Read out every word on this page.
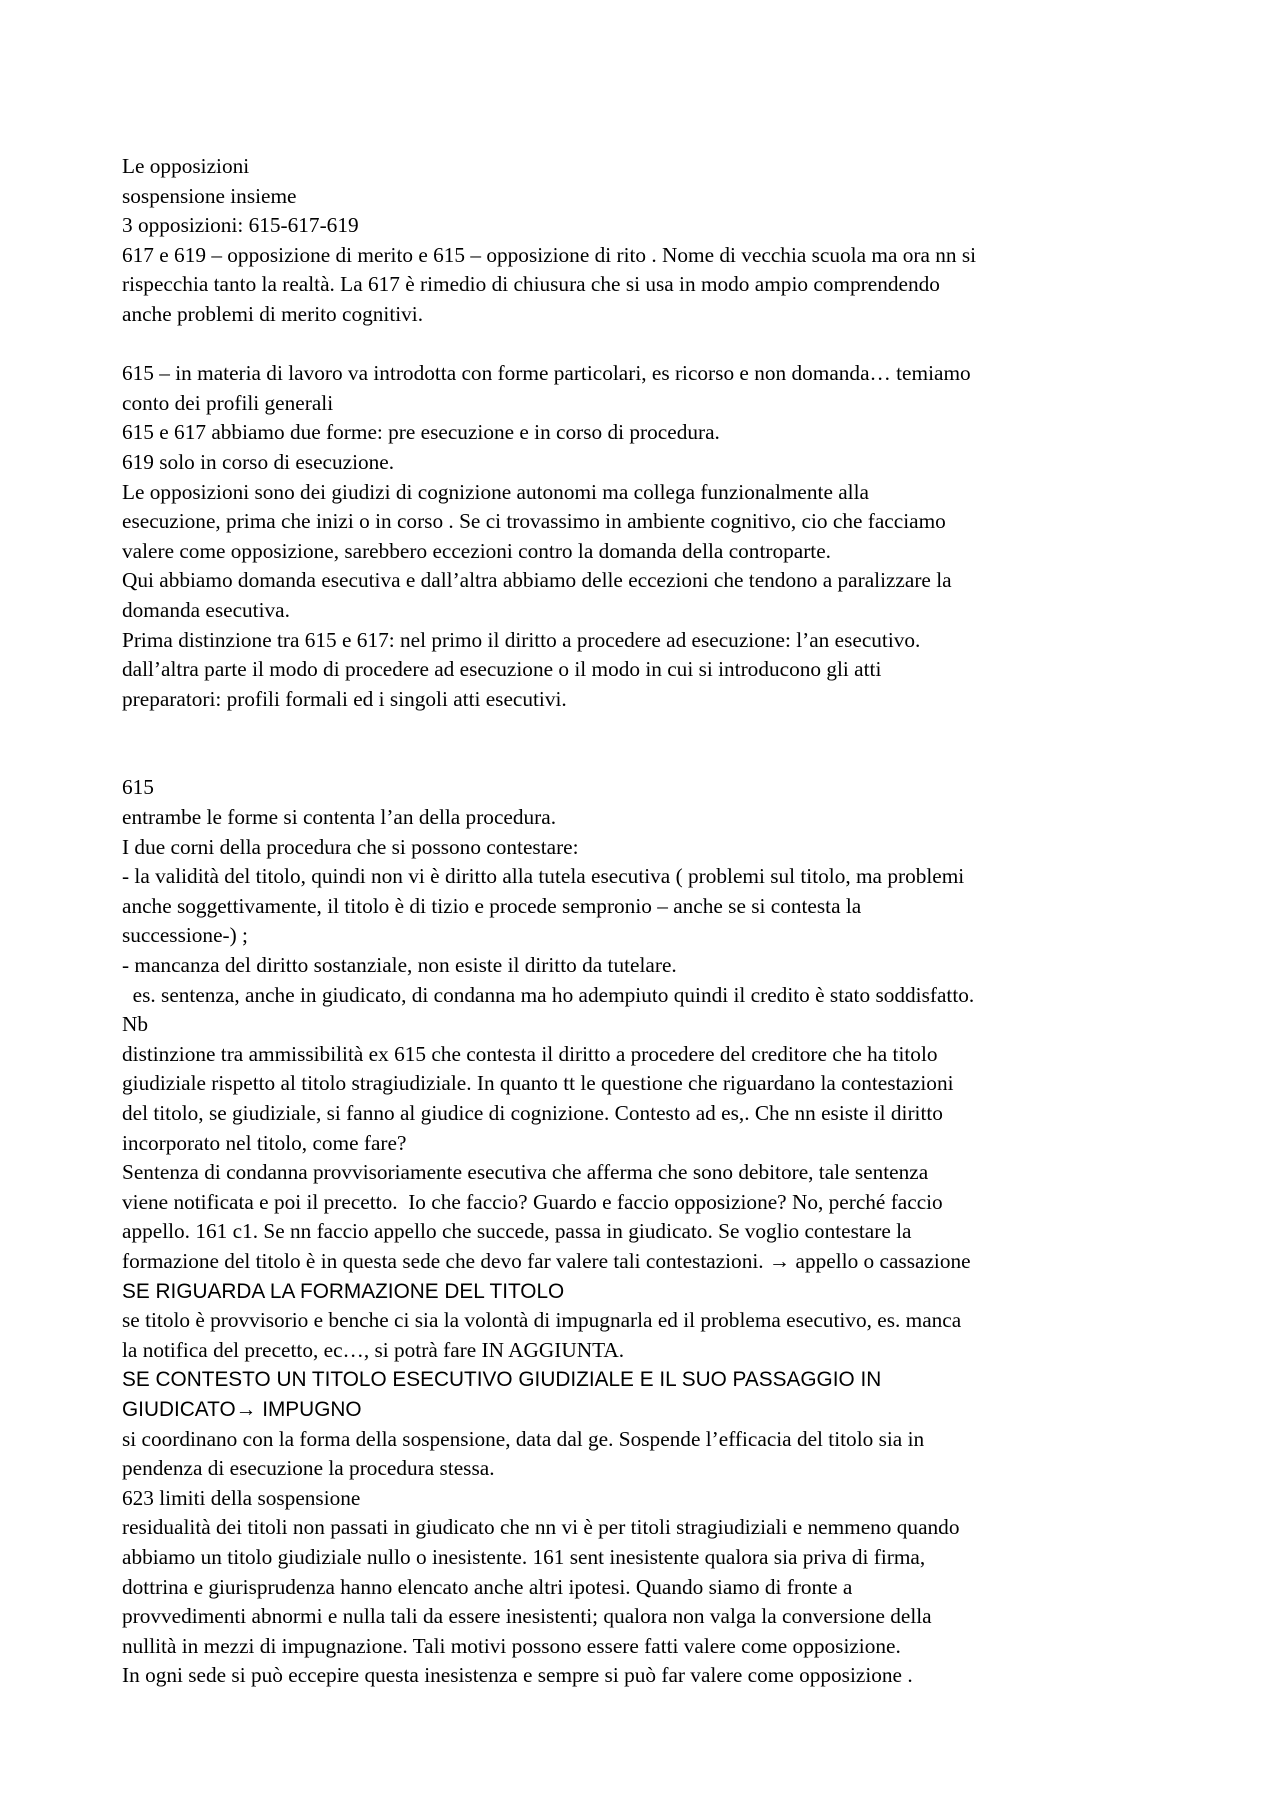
Le opposizioni
sospensione insieme
3 opposizioni: 615-617-619
617 e 619 – opposizione di merito e 615 – opposizione di rito . Nome di vecchia scuola ma ora nn si
rispecchia tanto la realtà. La 617 è rimedio di chiusura che si usa in modo ampio comprendendo
anche problemi di merito cognitivi.
615 – in materia di lavoro va introdotta con forme particolari, es ricorso e non domanda… temiamo
conto dei profili generali
615 e 617 abbiamo due forme: pre esecuzione e in corso di procedura.
619 solo in corso di esecuzione.
Le opposizioni sono dei giudizi di cognizione autonomi ma collega funzionalmente alla
esecuzione, prima che inizi o in corso . Se ci trovassimo in ambiente cognitivo, cio che facciamo
valere come opposizione, sarebbero eccezioni contro la domanda della controparte.
Qui abbiamo domanda esecutiva e dall’altra abbiamo delle eccezioni che tendono a paralizzare la
domanda esecutiva.
Prima distinzione tra 615 e 617: nel primo il diritto a procedere ad esecuzione: l’an esecutivo.
dall’altra parte il modo di procedere ad esecuzione o il modo in cui si introducono gli atti
preparatori: profili formali ed i singoli atti esecutivi.
615
entrambe le forme si contenta l’an della procedura.
I due corni della procedura che si possono contestare:
- la validità del titolo, quindi non vi è diritto alla tutela esecutiva ( problemi sul titolo, ma problemi
anche soggettivamente, il titolo è di tizio e procede sempronio – anche se si contesta la
successione-) ;
- mancanza del diritto sostanziale, non esiste il diritto da tutelare.
es. sentenza, anche in giudicato, di condanna ma ho adempiuto quindi il credito è stato soddisfatto.
Nb
distinzione tra ammissibilità ex 615 che contesta il diritto a procedere del creditore che ha titolo
giudiziale rispetto al titolo stragiudiziale. In quanto tt le questione che riguardano la contestazioni
del titolo, se giudiziale, si fanno al giudice di cognizione. Contesto ad es,. Che nn esiste il diritto
incorporato nel titolo, come fare?
Sentenza di condanna provvisoriamente esecutiva che afferma che sono debitore, tale sentenza
viene notificata e poi il precetto.  Io che faccio? Guardo e faccio opposizione? No, perché faccio
appello. 161 c1. Se nn faccio appello che succede, passa in giudicato. Se voglio contestare la
formazione del titolo è in questa sede che devo far valere tali contestazioni. → appello o cassazione
SE RIGUARDA LA FORMAZIONE DEL TITOLO
se titolo è provvisorio e benche ci sia la volontà di impugnarla ed il problema esecutivo, es. manca
la notifica del precetto, ec…, si potrà fare IN AGGIUNTA.
SE CONTESTO UN TITOLO ESECUTIVO GIUDIZIALE E IL SUO PASSAGGIO IN
GIUDICATO→ IMPUGNO
si coordinano con la forma della sospensione, data dal ge. Sospende l’efficacia del titolo sia in
pendenza di esecuzione la procedura stessa.
623 limiti della sospensione
residualità dei titoli non passati in giudicato che nn vi è per titoli stragiudiziali e nemmeno quando
abbiamo un titolo giudiziale nullo o inesistente. 161 sent inesistente qualora sia priva di firma,
dottrina e giurisprudenza hanno elencato anche altri ipotesi. Quando siamo di fronte a
provvedimenti abnormi e nulla tali da essere inesistenti; qualora non valga la conversione della
nullità in mezzi di impugnazione. Tali motivi possono essere fatti valere come opposizione.
In ogni sede si può eccepire questa inesistenza e sempre si può far valere come opposizione .
